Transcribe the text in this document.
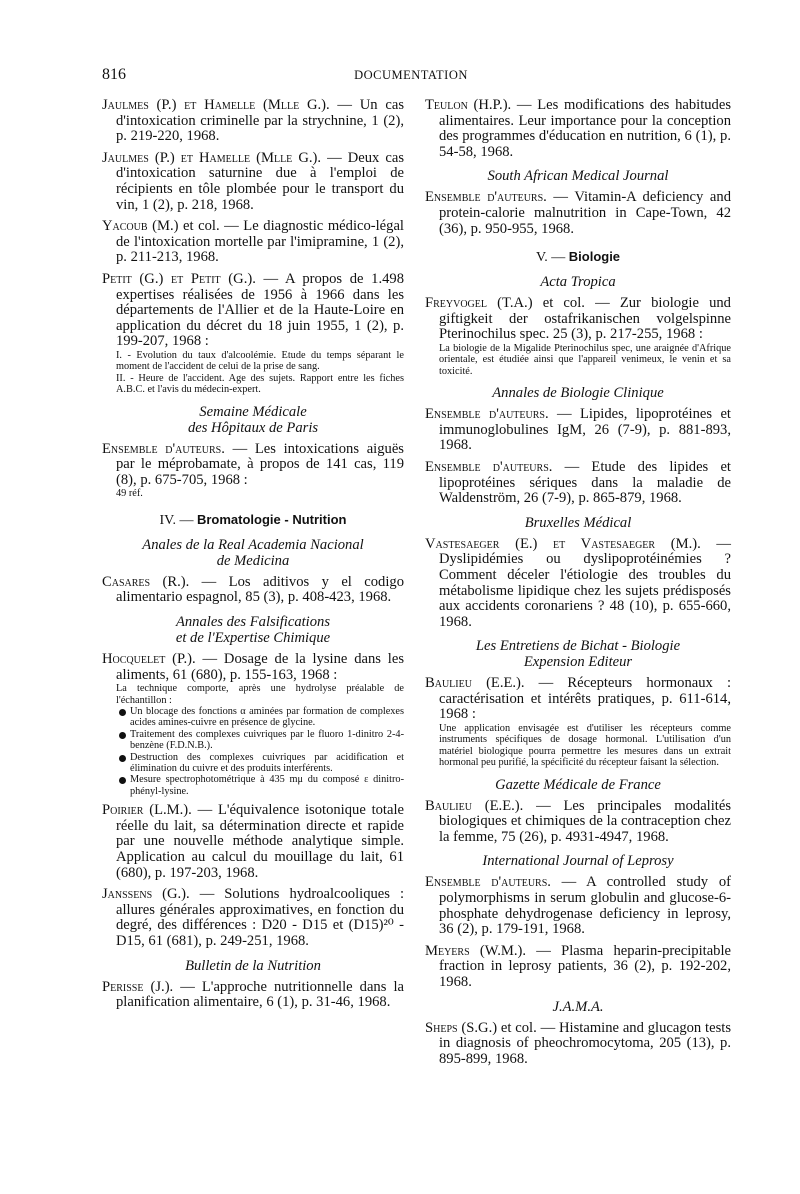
816	DOCUMENTATION

Jaulmes (P.) et Hamelle (Mlle G.). — Un cas d'intoxication criminelle par la strychnine, 1 (2), p. 219-220, 1968.

Jaulmes (P.) et Hamelle (Mlle G.). — Deux cas d'intoxication saturnine due à l'emploi de récipients en tôle plombée pour le transport du vin, 1 (2), p. 218, 1968.

Yacoub (M.) et col. — Le diagnostic médico-légal de l'intoxication mortelle par l'imipramine, 1 (2), p. 211-213, 1968.

Petit (G.) et Petit (G.). — A propos de 1.498 expertises réalisées de 1956 à 1966 dans les départements de l'Allier et de la Haute-Loire en application du décret du 18 juin 1955, 1 (2), p. 199-207, 1968 :

I. - Evolution du taux d'alcoolémie. Etude du temps séparant le moment de l'accident de celui de la prise de sang.

II. - Heure de l'accident. Age des sujets. Rapport entre les fiches A.B.C. et l'avis du médecin-expert.

Semaine Médicale
des Hôpitaux de Paris

Ensemble d'auteurs. — Les intoxications aiguës par le méprobamate, à propos de 141 cas, 119 (8), p. 675-705, 1968 :

49 réf.

IV. — Bromatologie - Nutrition
Anales de la Real Academia Nacional
de Medicina

Casares (R.). — Los aditivos y el codigo alimentario espagnol, 85 (3), p. 408-423, 1968.

Annales des Falsifications
et de l'Expertise Chimique

Hocquelet (P.). — Dosage de la lysine dans les aliments, 61 (680), p. 155-163, 1968 :

La technique comporte, après une hydrolyse préalable de l'échantillon :

Un blocage des fonctions α aminées par formation de complexes acides amines-cuivre en présence de glycine.

Traitement des complexes cuivriques par le fluoro 1-dinitro 2-4-benzène (F.D.N.B.).

Destruction des complexes cuivriques par acidification et élimination du cuivre et des produits interférents.

Mesure spectrophotométrique à 435 mμ du composé ε dinitro-phényl-lysine.

Poirier (L.M.). — L'équivalence isotonique totale réelle du lait, sa détermination directe et rapide par une nouvelle méthode analytique simple. Application au calcul du mouillage du lait, 61 (680), p. 197-203, 1968.

Janssens (G.). — Solutions hydroalcooliques : allures générales approximatives, en fonction du degré, des différences : D20 - D15 et (D15)²⁰ - D15, 61 (681), p. 249-251, 1968.

Bulletin de la Nutrition

Perisse (J.). — L'approche nutritionnelle dans la planification alimentaire, 6 (1), p. 31-46, 1968.

Teulon (H.P.). — Les modifications des habitudes alimentaires. Leur importance pour la conception des programmes d'éducation en nutrition, 6 (1), p. 54-58, 1968.

South African Medical Journal

Ensemble d'auteurs. — Vitamin-A deficiency and protein-calorie malnutrition in Cape-Town, 42 (36), p. 950-955, 1968.

V. — Biologie
Acta Tropica

Freyvogel (T.A.) et col. — Zur biologie und giftigkeit der ostafrikanischen volgelspinne Pterinochilus spec. 25 (3), p. 217-255, 1968 :

La biologie de la Migalide Pterinochilus spec, une araignée d'Afrique orientale, est étudiée ainsi que l'appareil venimeux, le venin et sa toxicité.

Annales de Biologie Clinique

Ensemble d'auteurs. — Lipides, lipoprotéines et immunoglobulines IgM, 26 (7-9), p. 881-893, 1968.

Ensemble d'auteurs. — Etude des lipides et lipoprotéines sériques dans la maladie de Waldenström, 26 (7-9), p. 865-879, 1968.

Bruxelles Médical

Vastesaeger (E.) et Vastesaeger (M.). — Dyslipidémies ou dyslipoprotéinémies ? Comment déceler l'étiologie des troubles du métabolisme lipidique chez les sujets prédisposés aux accidents coronariens ? 48 (10), p. 655-660, 1968.

Les Entretiens de Bichat - Biologie
Expension Editeur

Baulieu (E.E.). — Récepteurs hormonaux : caractérisation et intérêts pratiques, p. 611-614, 1968 :

Une application envisagée est d'utiliser les récepteurs comme instruments spécifiques de dosage hormonal. L'utilisation d'un matériel biologique pourra permettre les mesures dans un extrait hormonal peu purifié, la spécificité du récepteur faisant la sélection.

Gazette Médicale de France

Baulieu (E.E.). — Les principales modalités biologiques et chimiques de la contraception chez la femme, 75 (26), p. 4931-4947, 1968.

International Journal of Leprosy

Ensemble d'auteurs. — A controlled study of polymorphisms in serum globulin and glucose-6-phosphate dehydrogenase deficiency in leprosy, 36 (2), p. 179-191, 1968.

Meyers (W.M.). — Plasma heparin-precipitable fraction in leprosy patients, 36 (2), p. 192-202, 1968.

J.A.M.A.

Sheps (S.G.) et col. — Histamine and glucagon tests in diagnosis of pheochromocytoma, 205 (13), p. 895-899, 1968.
